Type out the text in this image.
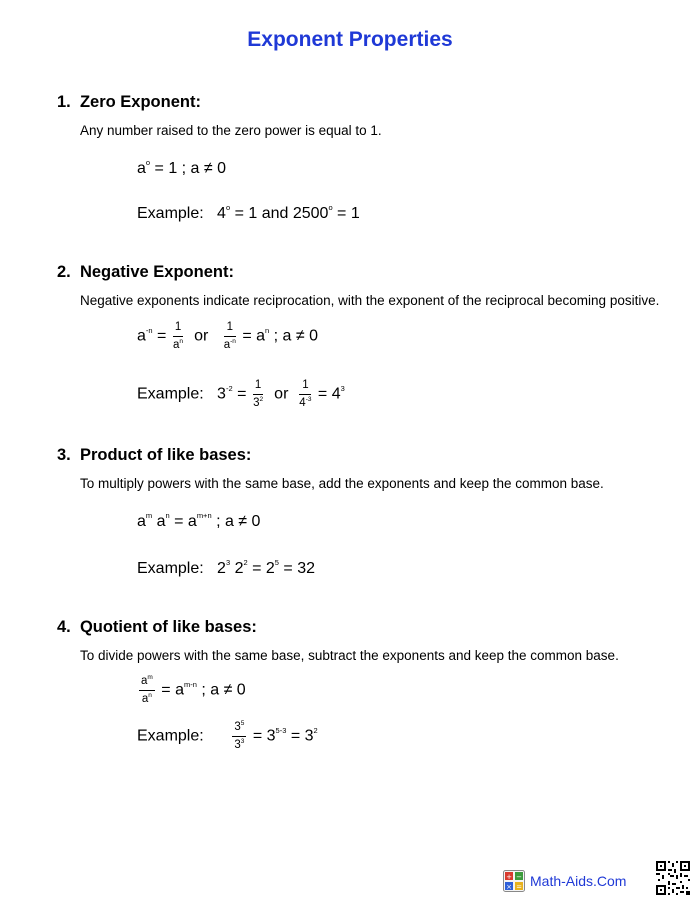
Exponent Properties
1. Zero Exponent:
Any number raised to the zero power is equal to 1.
$a^o = 1$ ; a ≠ 0
Example: $4^o = 1$ and $2500^o = 1$
2. Negative Exponent:
Negative exponents indicate reciprocation, with the exponent of the reciprocal becoming positive.
$a^{-n} = \frac{1}{a^n}$ or $\frac{1}{a^{-n}} = a^n$ ; a ≠ 0
Example: $3^{-2} = \frac{1}{3^2}$ or $\frac{1}{4^{-3}} = 4^3$
3. Product of like bases:
To multiply powers with the same base, add the exponents and keep the common base.
$a^m$ $a^n = a^{m+n}$ ; a ≠ 0
Example: $2^3$ $2^2 = 2^5 = 32$
4. Quotient of like bases:
To divide powers with the same base, subtract the exponents and keep the common base.
$\frac{a^m}{a^n} = a^{m-n}$ ; a ≠ 0
Example: $\frac{3^5}{3^3} = 3^{5-3} = 3^2$
+ −
× = Math-Aids.Com
